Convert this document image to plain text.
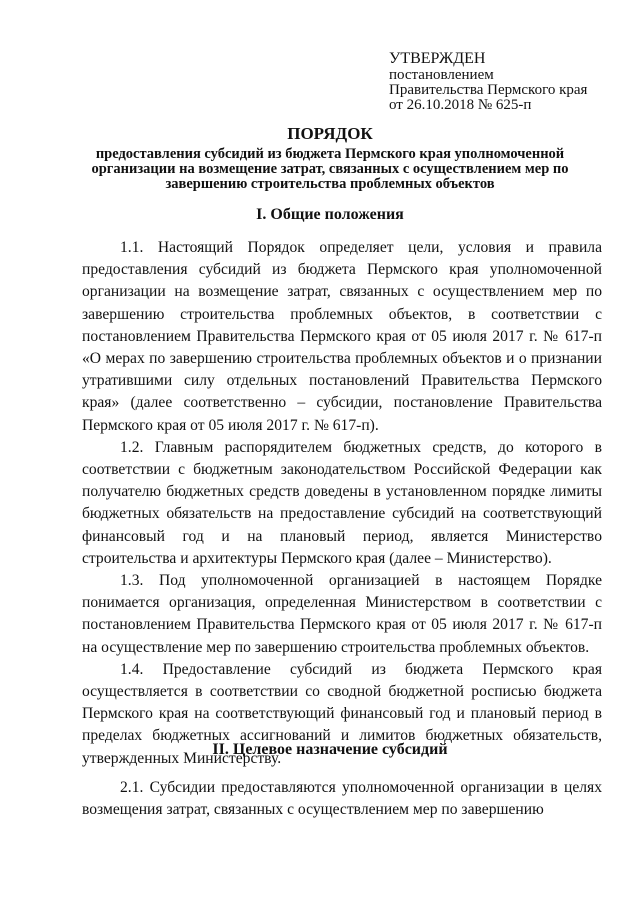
УТВЕРЖДЕН
постановлением
Правительства Пермского края
от 26.10.2018 № 625-п
ПОРЯДОК
предоставления субсидий из бюджета Пермского края уполномоченной организации на возмещение затрат, связанных с осуществлением мер по завершению строительства проблемных объектов
I. Общие положения

1.1. Настоящий Порядок определяет цели, условия и правила предоставления субсидий из бюджета Пермского края уполномоченной организации на возмещение затрат, связанных с осуществлением мер по завершению строительства проблемных объектов, в соответствии с постановлением Правительства Пермского края от 05 июля 2017 г. № 617-п «О мерах по завершению строительства проблемных объектов и о признании утратившими силу отдельных постановлений Правительства Пермского края» (далее соответственно – субсидии, постановление Правительства Пермского края от 05 июля 2017 г. № 617-п).

1.2. Главным распорядителем бюджетных средств, до которого в соответствии с бюджетным законодательством Российской Федерации как получателю бюджетных средств доведены в установленном порядке лимиты бюджетных обязательств на предоставление субсидий на соответствующий финансовый год и на плановый период, является Министерство строительства и архитектуры Пермского края (далее – Министерство).

1.3. Под уполномоченной организацией в настоящем Порядке понимается организация, определенная Министерством в соответствии с постановлением Правительства Пермского края от 05 июля 2017 г. № 617-п на осуществление мер по завершению строительства проблемных объектов.

1.4. Предоставление субсидий из бюджета Пермского края осуществляется в соответствии со сводной бюджетной росписью бюджета Пермского края на соответствующий финансовый год и плановый период в пределах бюджетных ассигнований и лимитов бюджетных обязательств, утвержденных Министерству.

II. Целевое назначение субсидий

2.1. Субсидии предоставляются уполномоченной организации в целях возмещения затрат, связанных с осуществлением мер по завершению
